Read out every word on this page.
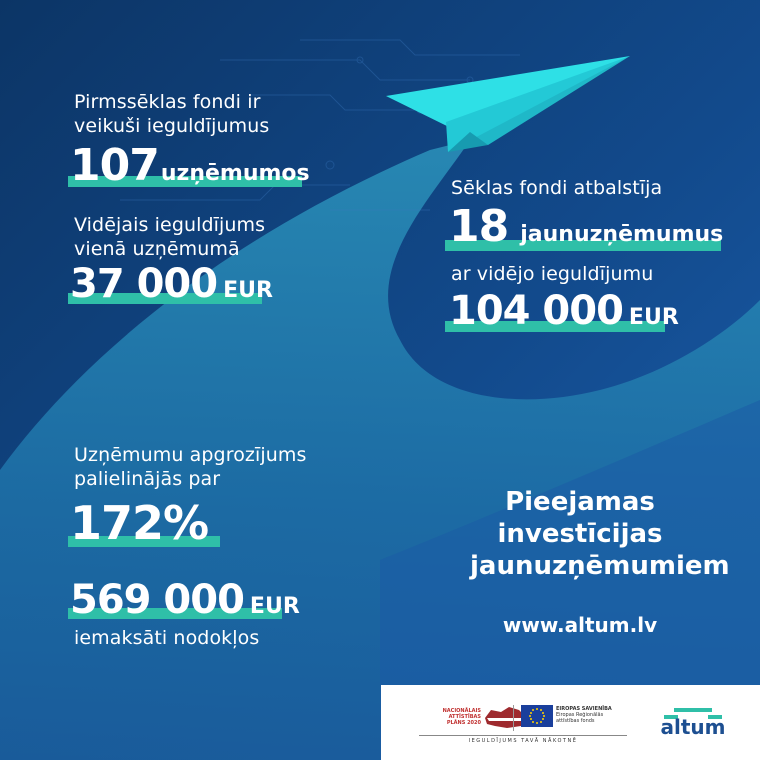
Pirmssēklas fondi ir
veikuši ieguldījumus
107uzņēmumos
Vidējais ieguldījums
vienā uzņēmumā
37 000 EUR
Sēklas fondi atbalstīja
18 jaunuzņēmumus
ar vidējo ieguldījumu
104 000 EUR
Uzņēmumu apgrozījums
palielinājās par
172%
569 000 EUR
iemaksāti nodokļos
Pieejamas
investīcijas
jaunuzņēmumiem
www.altum.lv
NACIONĀLAIS
ATTĪSTĪBAS
PLĀNS 2020
EIROPAS SAVIENĪBA
Eiropas Reģionālās
attīstības fonds
IEGULDĪJUMS TAVĀ NĀKOTNĒ
altum
